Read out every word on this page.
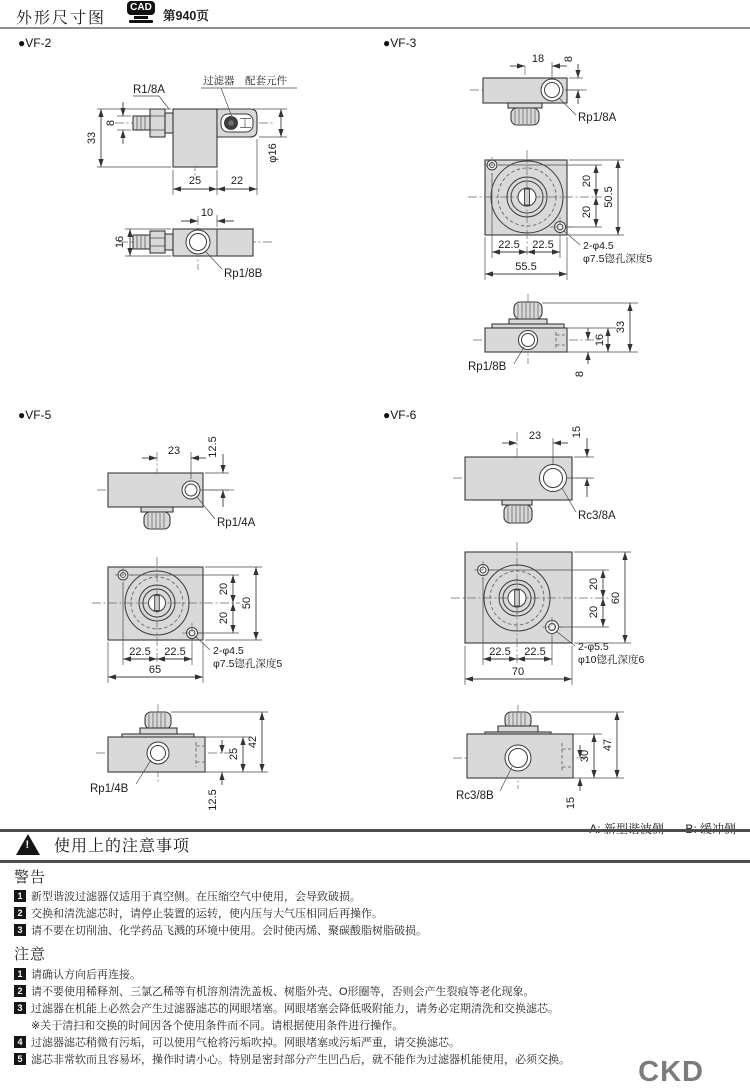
外形尺寸图
CAD
第940页
●VF-2	●VF-3
●VF-5	●VF-6
R1/8A
过滤器 配套元件
8
33
25	22
φ16
10
16
Rp1/8B
18 8
Rp1/8A
20
20
50.5
22.5 22.5
55.5
2-φ4.5
φ7.5锪孔深度5
Rp1/8B
8
16
33
23 12.5
Rp1/4A
20
20
50
22.5 22.5
65
2-φ4.5
φ7.5锪孔深度5
Rp1/4B
25
42
12.5
23	15
Rc3/8A
20
20
60
22.5 22.5
70
2-φ5.5
φ10锪孔深度6
Rc3/8B
30
47
15
! 使用上的注意事项
警告
1 新型谐波过滤器仅适用于真空侧。在压缩空气中使用，会导致破损。
2 交换和清洗滤芯时，请停止装置的运转，使内压与大气压相同后再操作。
3 请不要在切削油、化学药品飞溅的环境中使用。会时使丙烯、聚碳酸脂树脂破损。
注意
1 请确认方向后再连接。
2 请不要使用稀释剂、三氯乙稀等有机溶剂清洗盖板、树脂外壳、O形圈等，否则会产生裂痕等老化现象。
3 过滤器在机能上必然会产生过滤器滤芯的网眼堵塞。网眼堵塞会降低吸附能力，请务必定期清洗和交换滤芯。
※关于清扫和交换的时间因各个使用条件而不同。请根据使用条件进行操作。
4 过滤器滤芯稍微有污垢，可以使用气枪将污垢吹掉。网眼堵塞或污垢严重，请交换滤芯。
5 滤芯非常软而且容易坏，操作时请小心。特别是密封部分产生凹凸后，就不能作为过滤器机能使用，必须交换。	CKD
